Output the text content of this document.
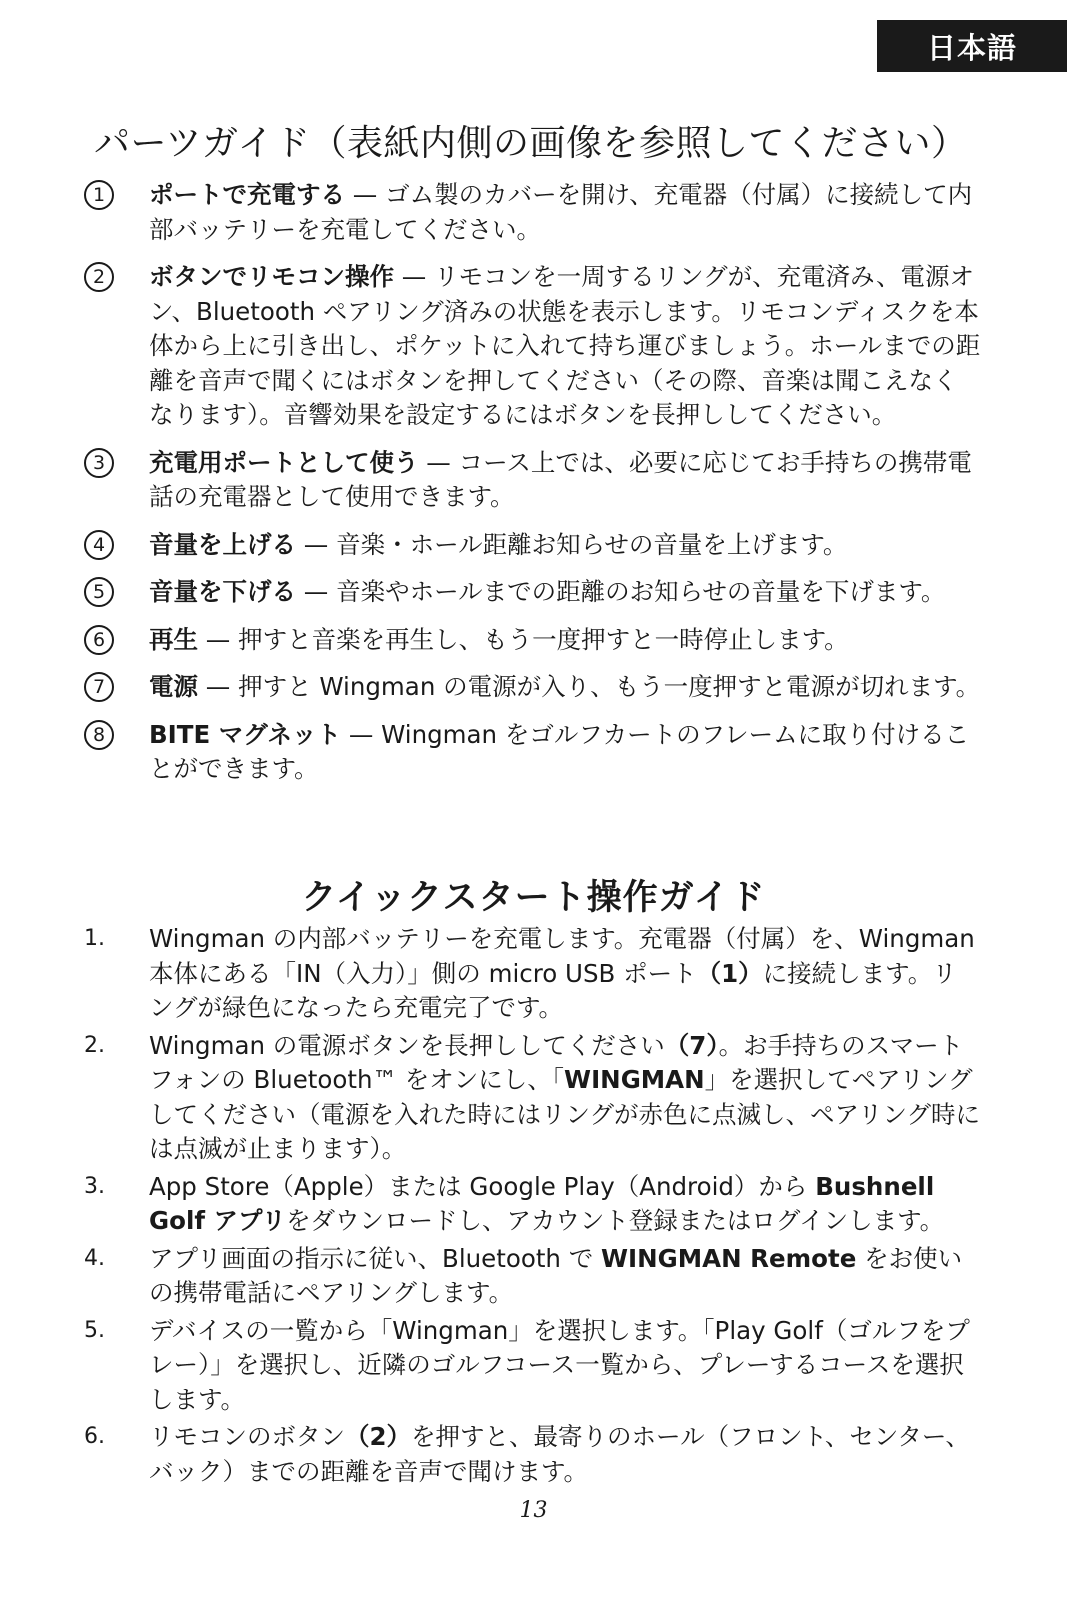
日本語
パーツガイド（表紙内側の画像を参照してください）
1	ポートで充電する — ゴム製のカバーを開け、充電器（付属）に接続して内部バッテリーを充電してください。
2	ボタンでリモコン操作 — リモコンを一周するリングが、充電済み、電源オン、Bluetooth ペアリング済みの状態を表示します。リモコンディスクを本体から上に引き出し、ポケットに入れて持ち運びましょう。ホールまでの距離を音声で聞くにはボタンを押してください（その際、音楽は聞こえなくなります）。音響効果を設定するにはボタンを長押ししてください。
3	充電用ポートとして使う — コース上では、必要に応じてお手持ちの携帯電話の充電器として使用できます。
4	音量を上げる — 音楽・ホール距離お知らせの音量を上げます。
5	音量を下げる — 音楽やホールまでの距離のお知らせの音量を下げます。
6	再生 — 押すと音楽を再生し、もう一度押すと一時停止します。
7	電源 — 押すと Wingman の電源が入り、もう一度押すと電源が切れます。
8	BITE マグネット — Wingman をゴルフカートのフレームに取り付けることができます。
クイックスタート操作ガイド
1.	Wingman の内部バッテリーを充電します。充電器（付属）を、Wingman 本体にある「IN（入力）」側の micro USB ポート（1）に接続します。リングが緑色になったら充電完了です。
2.	Wingman の電源ボタンを長押ししてください（7）。お手持ちのスマートフォンの Bluetooth™ をオンにし、「WINGMAN」を選択してペアリングしてください（電源を入れた時にはリングが赤色に点滅し、ペアリング時には点滅が止まります）。
3.	App Store（Apple）または Google Play（Android）から Bushnell Golf アプリをダウンロードし、アカウント登録またはログインします。
4.	アプリ画面の指示に従い、Bluetooth で WINGMAN Remote をお使いの携帯電話にペアリングします。
5.	デバイスの一覧から「Wingman」を選択します。「Play Golf（ゴルフをプレー）」を選択し、近隣のゴルフコース一覧から、プレーするコースを選択します。
6.	リモコンのボタン（2）を押すと、最寄りのホール（フロント、センター、バック）までの距離を音声で聞けます。
13
